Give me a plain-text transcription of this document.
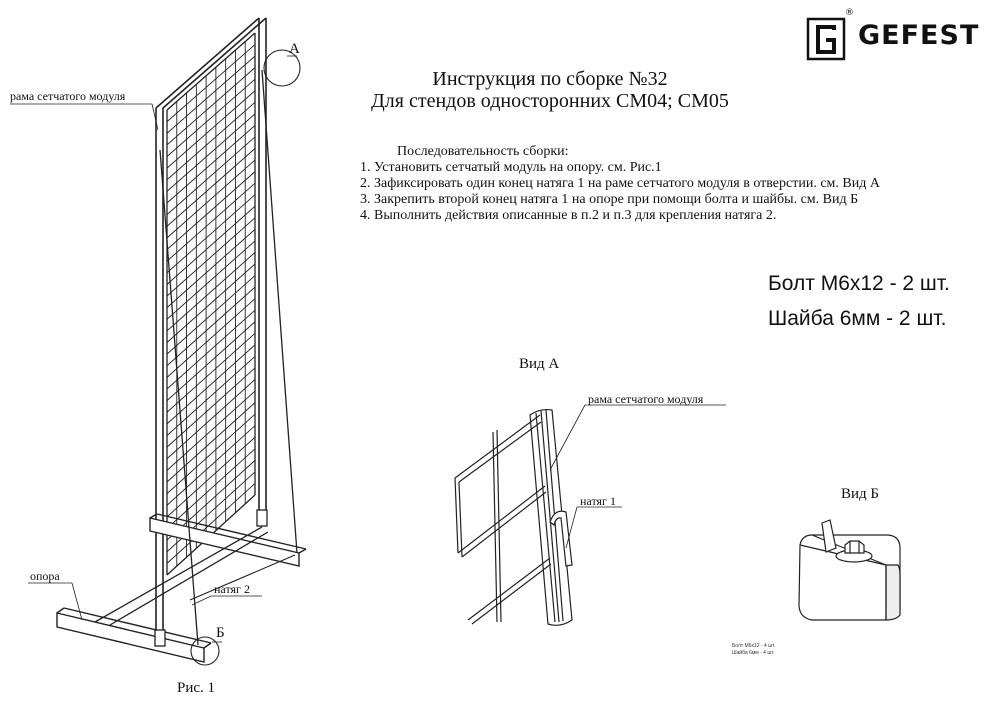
GEFEST
®
Инструкция по сборке №32
Для стендов односторонних СМ04; СМ05
Последовательность сборки:
1. Установить сетчатый модуль на опору. см. Рис.1
2. Зафиксировать один конец натяга 1 на раме сетчатого модуля в отверстии. см. Вид А
3. Закрепить второй конец натяга 1 на опоре при помощи болта и шайбы. см. Вид Б
4. Выполнить действия описанные в п.2 и п.3 для крепления натяга 2.
Болт М6х12 - 2 шт.
Шайба 6мм - 2 шт.
рама сетчатого модуля
А
Б
опора
натяг 2
Рис. 1
Вид А
рама сетчатого модуля
натяг 1	Вид Б
Болт М6х12 - 4 шт.
Шайба 6мм - 4 шт.
